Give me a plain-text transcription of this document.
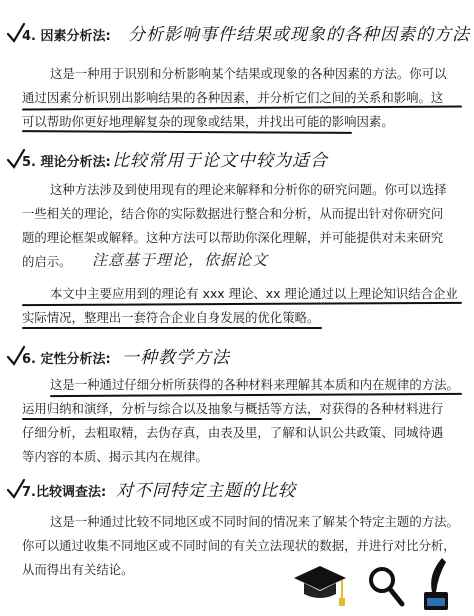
4. 因素分析法: 分析影响事件结果或现象的各种因素的方法
这是一种用于识别和分析影响某个结果或现象的各种因素的方法。你可以
通过因素分析识别出影响结果的各种因素，并分析它们之间的关系和影响。这
可以帮助你更好地理解复杂的现象或结果，并找出可能的影响因素。
5. 理论分析法: 比较常用于论文中较为适合
这种方法涉及到使用现有的理论来解释和分析你的研究问题。你可以选择
一些相关的理论，结合你的实际数据进行整合和分析，从而提出针对你研究问
题的理论框架或解释。这种方法可以帮助你深化理解，并可能提供对未来研究
的启示。 注意基于理论，依据论文
本文中主要应用到的理论有 xxx 理论、xx 理论通过以上理论知识结合企业
实际情况，整理出一套符合企业自身发展的优化策略。
6. 定性分析法: 一种教学方法
这是一种通过仔细分析所获得的各种材料来理解其本质和内在规律的方法。
运用归纳和演绎，分析与综合以及抽象与概括等方法，对获得的各种材料进行
仔细分析，去粗取精，去伪存真，由表及里，了解和认识公共政策、同城待遇
等内容的本质、揭示其内在规律。
7.比较调查法: 对不同特定主题的比较
这是一种通过比较不同地区或不同时间的情况来了解某个特定主题的方法。
你可以通过收集不同地区或不同时间的有关立法现状的数据，并进行对比分析，
从而得出有关结论。
